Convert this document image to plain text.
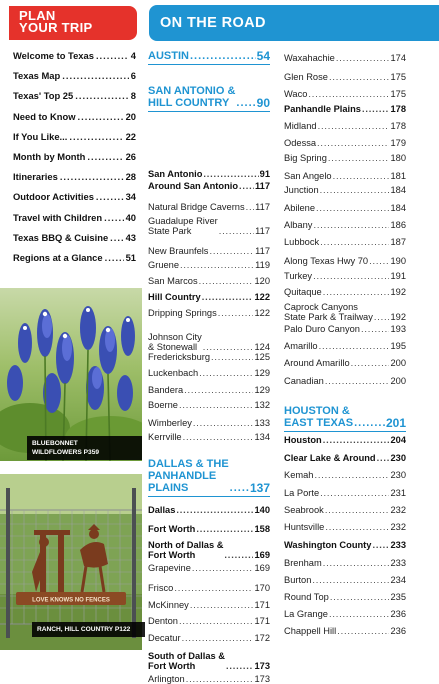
PLAN
YOUR TRIP
Welcome to Texas .....	4
Texas Map .....	6
Texas' Top 25 .....	8
Need to Know .....	20
If You Like... .....	22
Month by Month .....	26
Itineraries .....	28
Outdoor Activities .....	34
Travel with Children ..... 40
Texas BBQ & Cuisine ..... 43
Regions at a Glance ..... 51
BLUEBONNET
WILDFLOWERS P359
LOVE KNOWS NO FENCES
RANCH, HILL COUNTRY P122
ON THE ROAD
AUSTIN .....	54
SAN ANTONIO &
HILL COUNTRY .....	90
San Antonio .....	91
Around San Antonio ..... 117
Natural Bridge Caverns ..... 117
Guadalupe River
State Park .....	117
New Braunfels .....	117
Gruene .....	119
San Marcos .....	120
Hill Country .....	122
Dripping Springs .....	122
Johnson City
& Stonewall .....	124
Fredericksburg .....	125
Luckenbach .....	129
Bandera .....	129
Boerne .....	132
Wimberley .....	133
Kerrville .....	134
DALLAS & THE
PANHANDLE
PLAINS .....	137
Dallas .....	140
Fort Worth .....	158
North of Dallas &
Fort Worth .....	169
Grapevine .....	169
Frisco .....	170
McKinney .....	171
Denton .....	171
Decatur .....	172
South of Dallas &
Fort Worth .....	173
Arlington .....	173
Waxahachie .....	174
Glen Rose .....	175
Waco .....	175
Panhandle Plains .....	178
Midland .....	178
Odessa .....	179
Big Spring .....	180
San Angelo .....	181
Junction .....	184
Abilene .....	184
Albany .....	186
Lubbock .....	187
Along Texas Hwy 70 ..... 190
Turkey .....	191
Quitaque .....	192
Caprock Canyons
State Park & Trailway ..... 192
Palo Duro Canyon .....	193
Amarillo .....	195
Around Amarillo .....	200
Canadian .....	200
HOUSTON &
EAST TEXAS .....	201
Houston .....	204
Clear Lake & Around ..... 230
Kemah .....	230
La Porte .....	231
Seabrook .....	232
Huntsville .....	232
Washington County ..... 233
Brenham .....	233
Burton .....	234
Round Top .....	235
La Grange .....	236
Chappell Hill .....	236
